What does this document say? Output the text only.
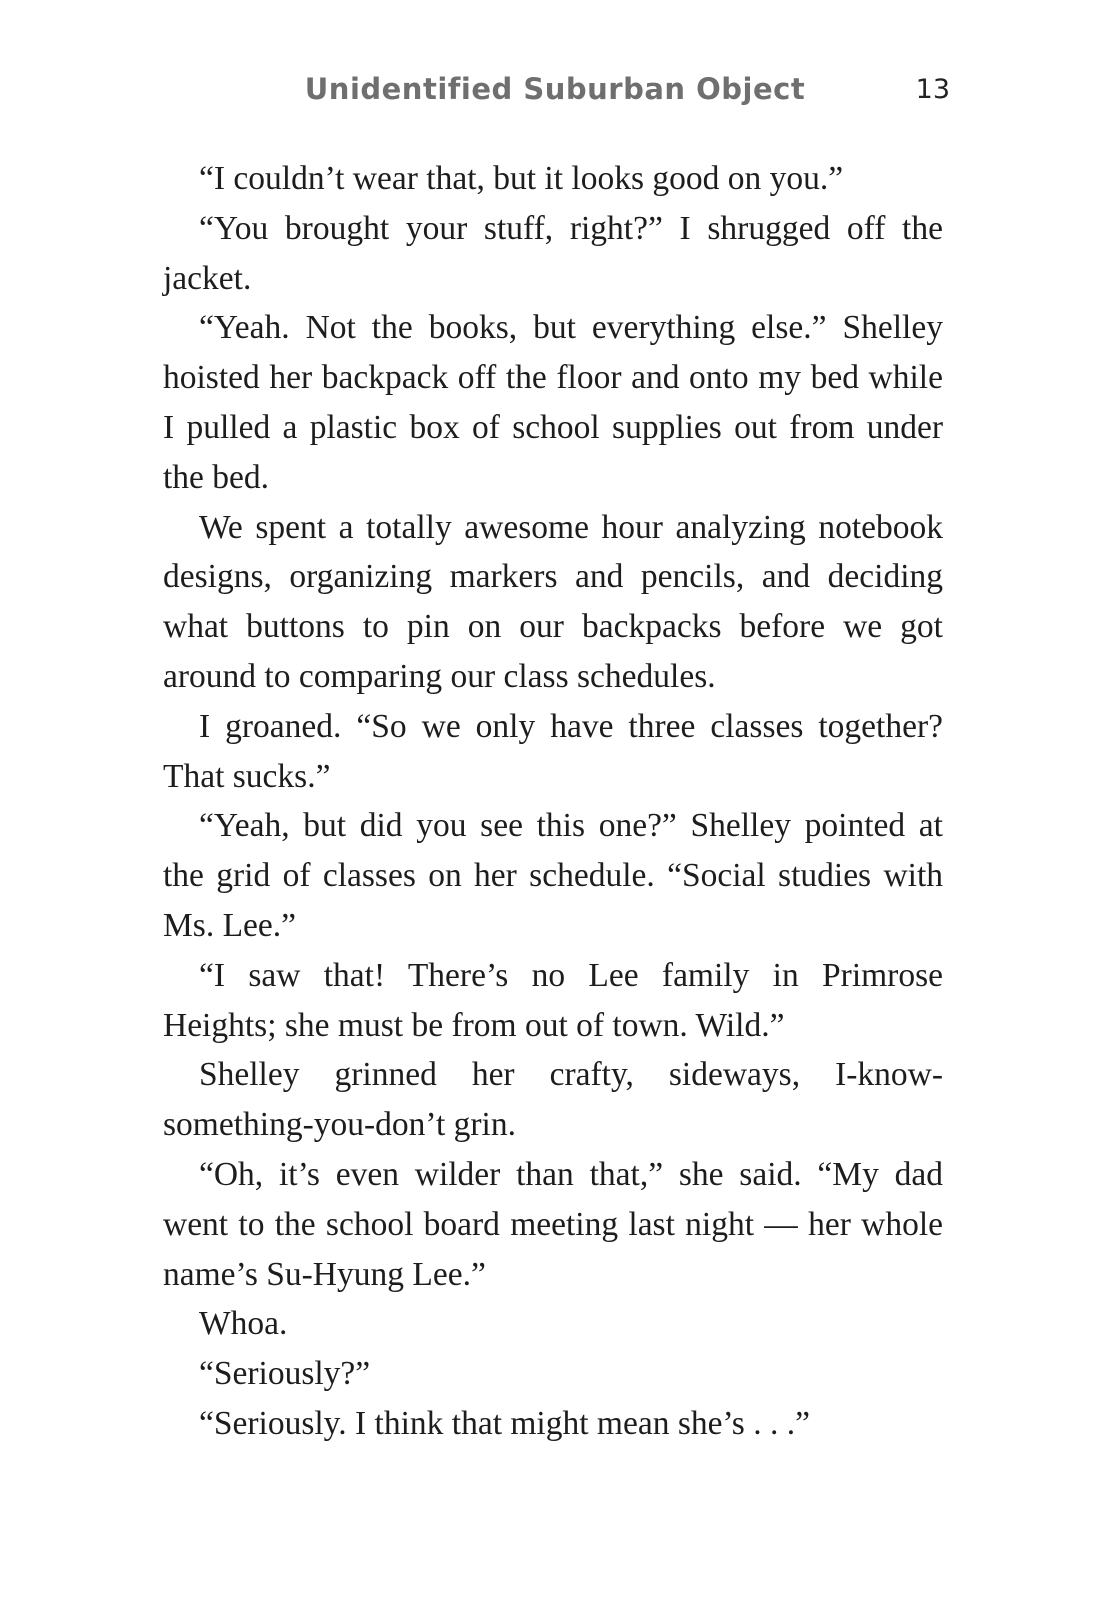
Unidentified Suburban Object	13

“I couldn’t wear that, but it looks good on you.”

“You brought your stuff, right?” I shrugged off the jacket.

“Yeah. Not the books, but everything else.” Shelley hoisted her backpack off the floor and onto my bed while I pulled a plastic box of school supplies out from under the bed.

We spent a totally awesome hour analyzing notebook designs, organizing markers and pencils, and deciding what buttons to pin on our backpacks before we got around to comparing our class schedules.

I groaned. “So we only have three classes together? That sucks.”

“Yeah, but did you see this one?” Shelley pointed at the grid of classes on her schedule. “Social studies with Ms. Lee.”

“I saw that! There’s no Lee family in Primrose Heights; she must be from out of town. Wild.”

Shelley grinned her crafty, sideways, I-know-something-you-don’t grin.

“Oh, it’s even wilder than that,” she said. “My dad went to the school board meeting last night — her whole name’s Su-Hyung Lee.”

Whoa.

“Seriously?”

“Seriously. I think that might mean she’s . . .”
